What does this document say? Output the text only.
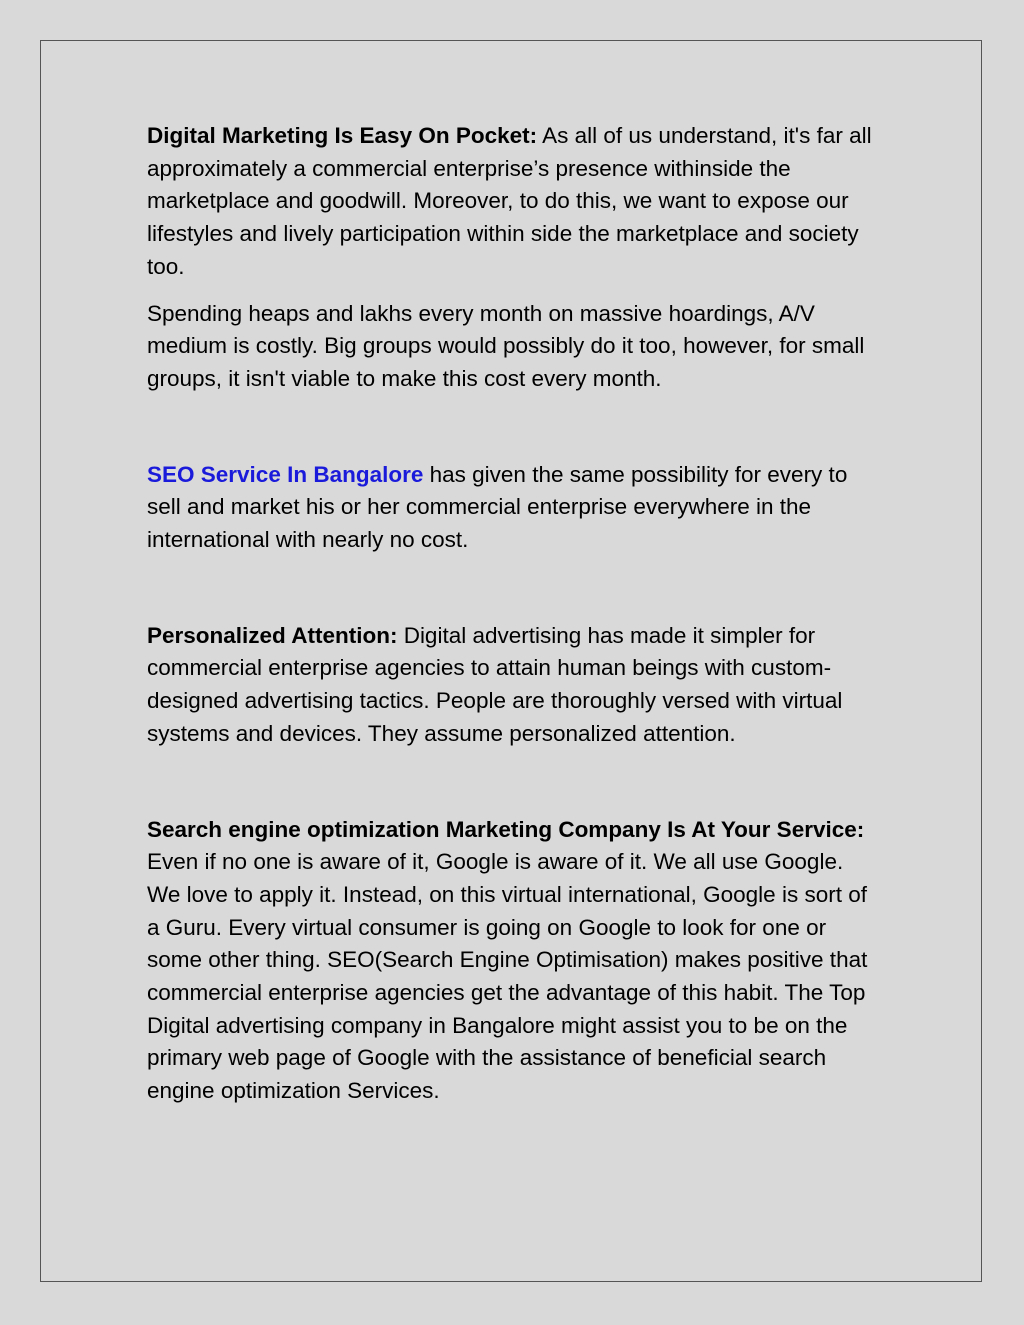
Digital Marketing Is Easy On Pocket: As all of us understand, it's far all approximately a commercial enterprise’s presence withinside the marketplace and goodwill. Moreover, to do this, we want to expose our lifestyles and lively participation within side the marketplace and society too.

Spending heaps and lakhs every month on massive hoardings, A/V medium is costly. Big groups would possibly do it too, however, for small groups, it isn't viable to make this cost every month.

SEO Service In Bangalore has given the same possibility for every to sell and market his or her commercial enterprise everywhere in the international with nearly no cost.

Personalized Attention: Digital advertising has made it simpler for commercial enterprise agencies to attain human beings with custom-designed advertising tactics. People are thoroughly versed with virtual systems and devices. They assume personalized attention.

Search engine optimization Marketing Company Is At Your Service: Even if no one is aware of it, Google is aware of it. We all use Google. We love to apply it. Instead, on this virtual international, Google is sort of a Guru. Every virtual consumer is going on Google to look for one or some other thing. SEO(Search Engine Optimisation) makes positive that commercial enterprise agencies get the advantage of this habit. The Top Digital advertising company in Bangalore might assist you to be on the primary web page of Google with the assistance of beneficial search engine optimization Services.
